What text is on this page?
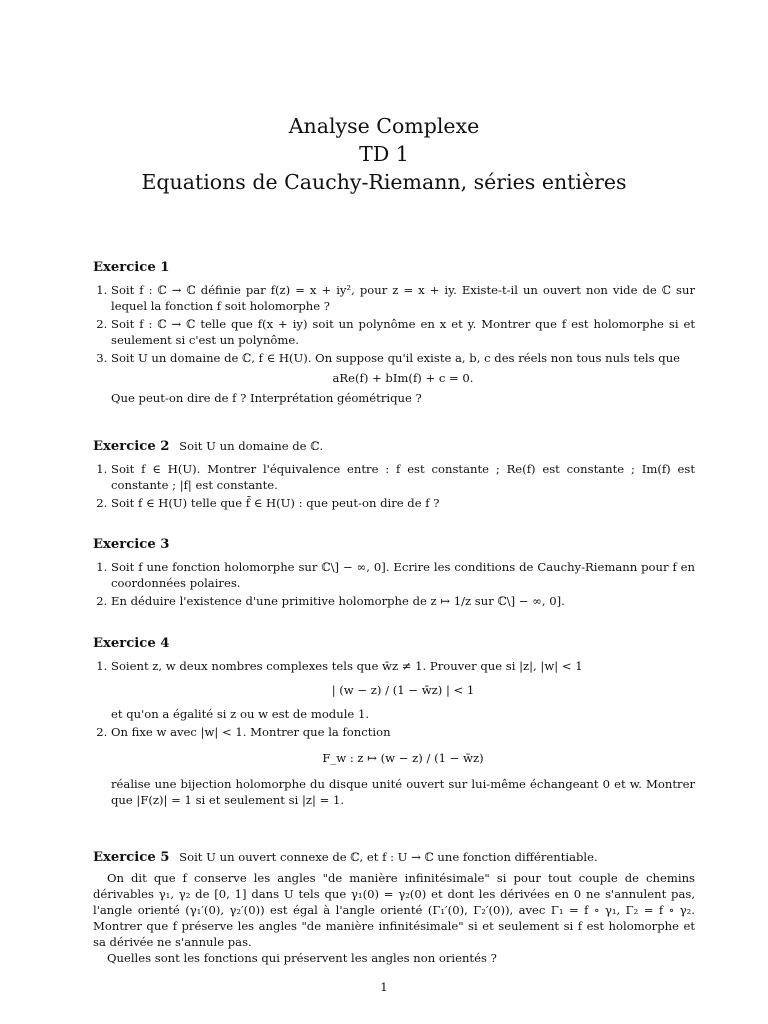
Analyse Complexe
TD 1
Equations de Cauchy-Riemann, séries entières
Exercice 1
1. Soit f : ℂ → ℂ définie par f(z) = x + iy², pour z = x + iy. Existe-t-il un ouvert non vide de ℂ sur lequel la fonction f soit holomorphe ?
2. Soit f : ℂ → ℂ telle que f(x + iy) soit un polynôme en x et y. Montrer que f est holomorphe si et seulement si c'est un polynôme.
3. Soit U un domaine de ℂ, f ∈ H(U). On suppose qu'il existe a, b, c des réels non tous nuls tels que
aRe(f) + bIm(f) + c = 0.
Que peut-on dire de f ? Interprétation géométrique ?
Exercice 2 Soit U un domaine de ℂ.
1. Soit f ∈ H(U). Montrer l'équivalence entre : f est constante ; Re(f) est constante ; Im(f) est constante ; |f| est constante.
2. Soit f ∈ H(U) telle que f̄ ∈ H(U) : que peut-on dire de f ?
Exercice 3
1. Soit f une fonction holomorphe sur ℂ\] − ∞, 0]. Ecrire les conditions de Cauchy-Riemann pour f en coordonnées polaires.
2. En déduire l'existence d'une primitive holomorphe de z ↦ 1/z sur ℂ\] − ∞, 0].
Exercice 4
1. Soient z, w deux nombres complexes tels que w̄z ≠ 1. Prouver que si |z|, |w| < 1
| (w − z) / (1 − w̄z) | < 1
et qu'on a égalité si z ou w est de module 1.
2. On fixe w avec |w| < 1. Montrer que la fonction
F_w : z ↦ (w − z) / (1 − w̄z)
réalise une bijection holomorphe du disque unité ouvert sur lui-même échangeant 0 et w. Montrer que |F(z)| = 1 si et seulement si |z| = 1.
Exercice 5 Soit U un ouvert connexe de ℂ, et f : U → ℂ une fonction différentiable.

On dit que f conserve les angles "de manière infinitésimale" si pour tout couple de chemins dérivables γ₁, γ₂ de [0, 1] dans U tels que γ₁(0) = γ₂(0) et dont les dérivées en 0 ne s'annulent pas, l'angle orienté (γ₁′(0), γ₂′(0)) est égal à l'angle orienté (Γ₁′(0), Γ₂′(0)), avec Γ₁ = f ∘ γ₁, Γ₂ = f ∘ γ₂. Montrer que f préserve les angles "de manière infinitésimale" si et seulement si f est holomorphe et sa dérivée ne s'annule pas.

Quelles sont les fonctions qui préservent les angles non orientés ?

1
